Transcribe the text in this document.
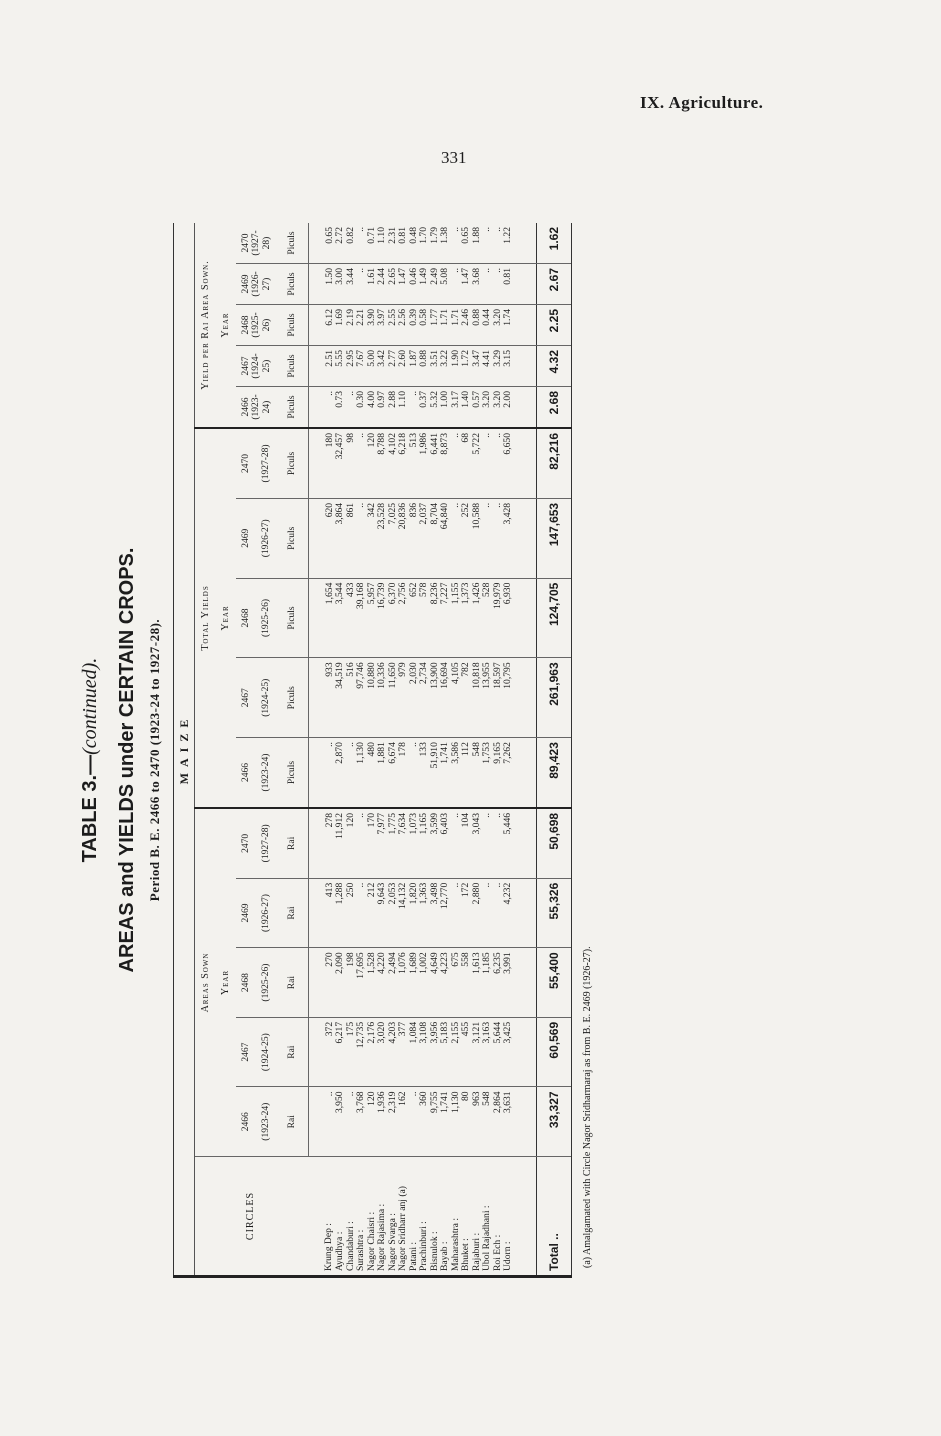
IX. Agriculture.
331
TABLE 3.—(continued). AREAS and YIELDS under CERTAIN CROPS. Period B. E. 2466 to 2470 (1923-24 to 1927-28). MAIZE															
CIRCLES	Areas Sown					Total Yields					Yield per Rai Area Sown.				
	Year					Year					Year				
	2466	2467	2468	2469	2470	2466	2467	2468	2469	2470	2466 (1923-24)	2467 (1924-25)	2468 (1925-26)	2469 (1926-27)	2470 (1927-28)
	(1923-24)	(1924-25)	(1925-26)	(1926-27)	(1927-28)	(1923-24)	(1924-25)	(1925-26)	(1926-27)	(1927-28)					
	Rai	Rai	Rai	Rai	Rai	Piculs	Piculs	Piculs	Piculs	Piculs	Piculs	Piculs	Piculs	Piculs	Piculs
Krung Dep :	..	372	270	413	278	..	933	1,654	620	180	..	2.51	6.12	1.50	0.65
Ayudhya :	3,950	6,217	2,090	1,288	11,912	2,870	34,519	3,544	3,864	32,457	0.73	5.55	1.69	3.00	2.72
Chandaburi :	..	175	198	250	120	..	516	433	861	98	..	2.95	2.19	3.44	0.82
Surashtra :	3,768	12,735	17,695	..	..	1,130	97,746	39,168	..	..	0.30	7.67	2.21	..	..
Nagor Chaisri :	120	2,176	1,528	212	170	480	10,880	5,957	342	120	4.00	5.00	3.90	1.61	0.71
Nagor Rajasima :	1,936	3,020	4,220	9,643	7,977	1,881	10,336	16,739	23,528	8,788	0.97	3.42	3.97	2.44	1.10
Nagor Svarga :	2,319	4,203	2,494	2,053	1,775	6,674	11,650	6,370	7,025	4,102	2.88	2.77	2.55	2.65	2.31
Nagor Sridharr anj (a)	162	377	1,076	14,132	7,634	178	979	2,756	20,836	6,218	1.10	2.60	2.56	1.47	0.81
Patani :	..	1,084	1,689	1,820	1,073	..	2,030	652	836	513	..	1.87	0.39	0.46	0.48
Prachinburi :	360	3,108	1,002	1,363	1,165	133	2,734	578	2,037	1,986	0.37	0.88	0.58	1.49	1.70
Bisnulok :	9,755	3,956	4,649	3,498	3,599	51,910	13,900	8,236	8,704	6,441	5.32	3.51	1.77	2.49	1.79
Bayab :	1,741	5,183	4,223	12,770	6,403	1,741	16,694	7,227	64,840	8,873	1.00	3.22	1.71	5.08	1.38
Maharashtra :	1,130	2,155	675	..	..	3,586	4,105	1,155	..	..	3.17	1.90	1.71	..	..
Bhuket :	80	455	558	172	104	112	782	1,373	252	68	1.40	1.72	2.46	1.47	0.65
Rajaburi :	963	3,121	1,613	2,880	3,043	548	10,818	1,426	10,588	5,722	0.57	3.47	0.88	3.68	1.88
Ubol Rajadhani :	548	3,163	1,185	..	..	1,753	13,955	528	..	..	3.20	4.41	0.44	..	..
Roi Ech :	2,864	5,644	6,235	..	..	9,165	18,597	19,979	..	..	3.20	3.29	3.20	..	..
Udorn :	3,631	3,425	3,991	4,232	5,446	7,262	10,795	6,930	3,428	6,650	2.00	3.15	1.74	0.81	1.22
Total ..	33,327	60,569	55,400	55,326	50,698	89,423	261,963	124,705	147,653	82,216	2.68	4.32	2.25	2.67	1.62
(a) Amalgamated with Circle Nagor Sridharmaraj as from B. E. 2469 (1926-27).
